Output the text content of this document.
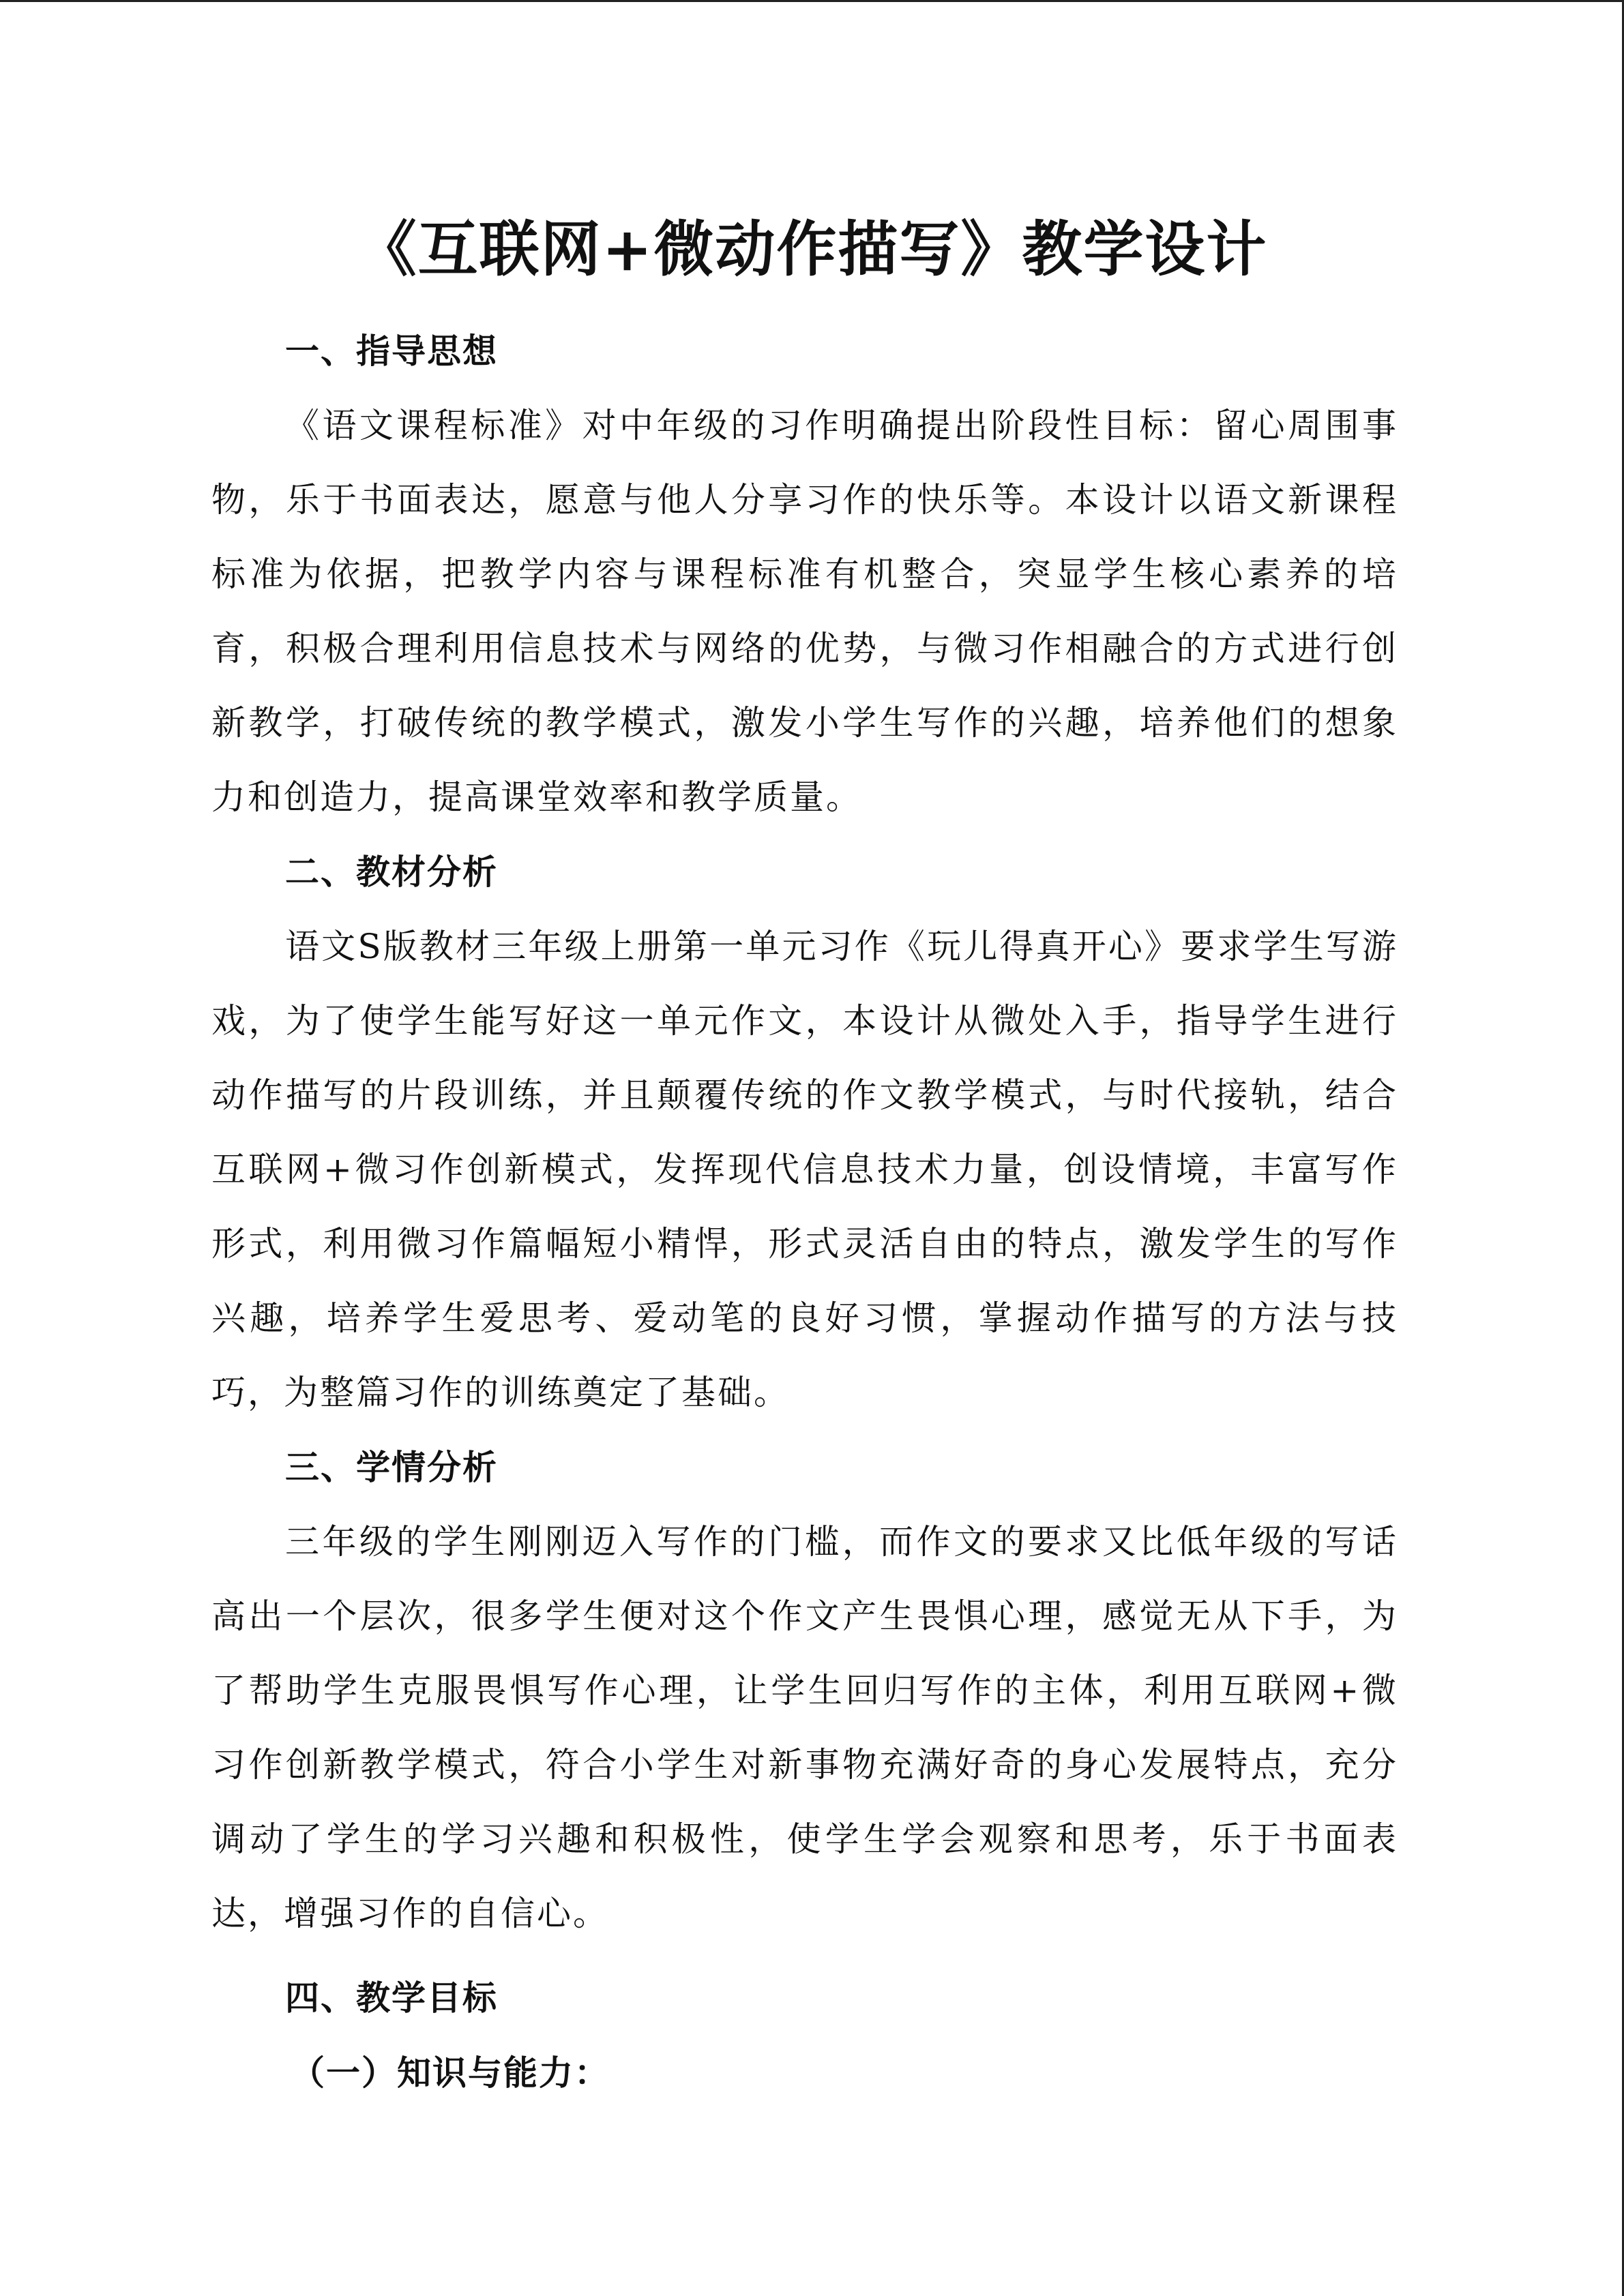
《互联网+微动作描写》教学设计
一、指导思想

《语文课程标准》对中年级的习作明确提出阶段性目标：留心周围事物，乐于书面表达，愿意与他人分享习作的快乐等。本设计以语文新课程标准为依据，把教学内容与课程标准有机整合，突显学生核心素养的培育，积极合理利用信息技术与网络的优势，与微习作相融合的方式进行创新教学，打破传统的教学模式，激发小学生写作的兴趣，培养他们的想象力和创造力，提高课堂效率和教学质量。

二、教材分析

语文S版教材三年级上册第一单元习作《玩儿得真开心》要求学生写游戏，为了使学生能写好这一单元作文，本设计从微处入手，指导学生进行动作描写的片段训练，并且颠覆传统的作文教学模式，与时代接轨，结合互联网+微习作创新模式，发挥现代信息技术力量，创设情境，丰富写作形式，利用微习作篇幅短小精悍，形式灵活自由的特点，激发学生的写作兴趣，培养学生爱思考、爱动笔的良好习惯，掌握动作描写的方法与技巧，为整篇习作的训练奠定了基础。

三、学情分析

三年级的学生刚刚迈入写作的门槛，而作文的要求又比低年级的写话高出一个层次，很多学生便对这个作文产生畏惧心理，感觉无从下手，为了帮助学生克服畏惧写作心理，让学生回归写作的主体，利用互联网+微习作创新教学模式，符合小学生对新事物充满好奇的身心发展特点，充分调动了学生的学习兴趣和积极性，使学生学会观察和思考，乐于书面表达，增强习作的自信心。

四、教学目标
（一）知识与能力：
